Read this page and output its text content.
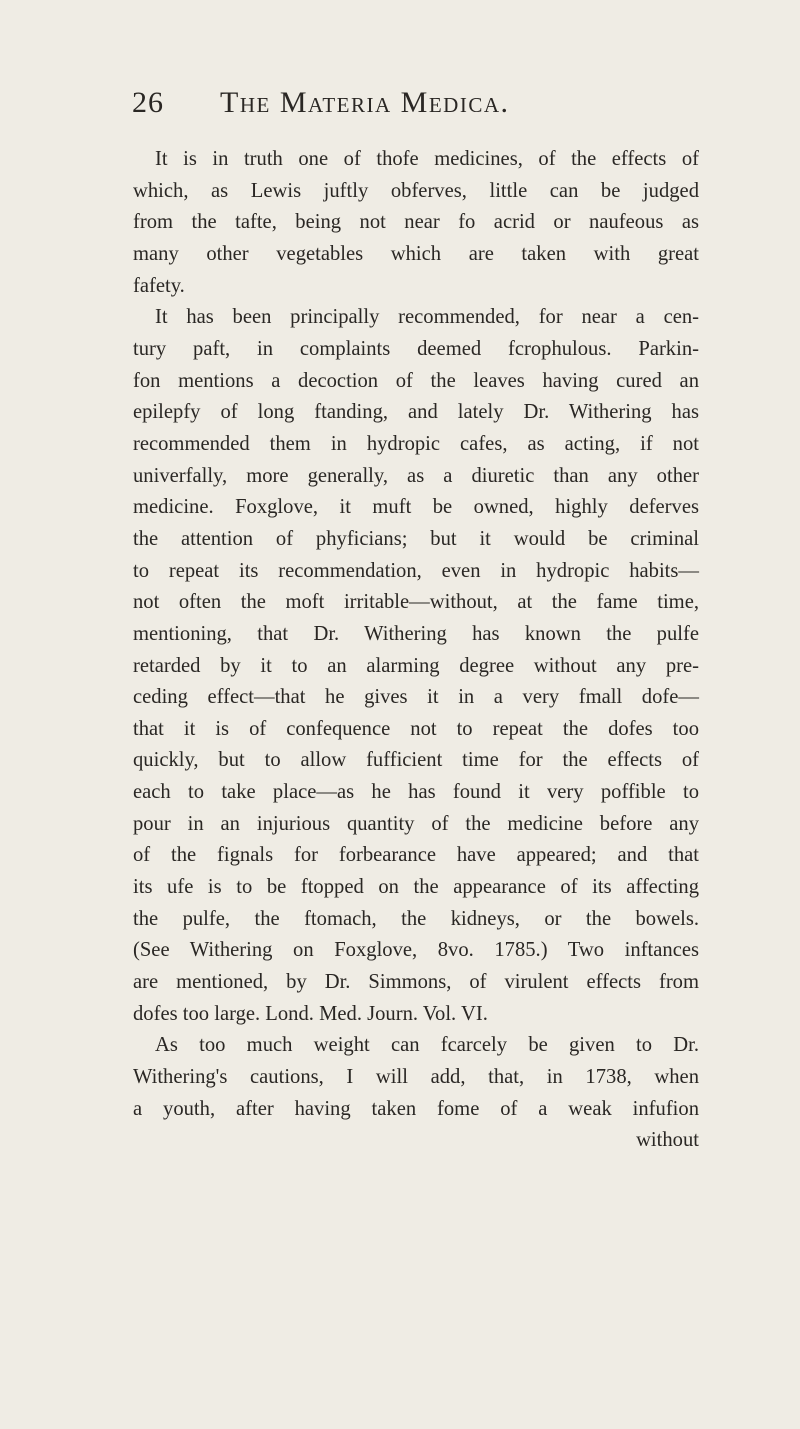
26 The Materia Medica.
It is in truth one of thofe medicines, of the effects of
which, as Lewis juftly obferves, little can be judged
from the tafte, being not near fo acrid or naufeous as
many other vegetables which are taken with great
fafety.
It has been principally recommended, for near a cen-
tury paft, in complaints deemed fcrophulous. Parkin-
fon mentions a decoction of the leaves having cured an
epilepfy of long ftanding, and lately Dr. Withering has
recommended them in hydropic cafes, as acting, if not
univerfally, more generally, as a diuretic than any other
medicine. Foxglove, it muft be owned, highly deferves
the attention of phyficians; but it would be criminal
to repeat its recommendation, even in hydropic habits—
not often the moft irritable—without, at the fame time,
mentioning, that Dr. Withering has known the pulfe
retarded by it to an alarming degree without any pre-
ceding effect—that he gives it in a very fmall dofe—
that it is of confequence not to repeat the dofes too
quickly, but to allow fufficient time for the effects of
each to take place—as he has found it very poffible to
pour in an injurious quantity of the medicine before any
of the fignals for forbearance have appeared; and that
its ufe is to be ftopped on the appearance of its affecting
the pulfe, the ftomach, the kidneys, or the bowels.
(See Withering on Foxglove, 8vo. 1785.) Two inftances
are mentioned, by Dr. Simmons, of virulent effects from
dofes too large. Lond. Med. Journ. Vol. VI.
As too much weight can fcarcely be given to Dr.
Withering's cautions, I will add, that, in 1738, when
a youth, after having taken fome of a weak infufion
without
